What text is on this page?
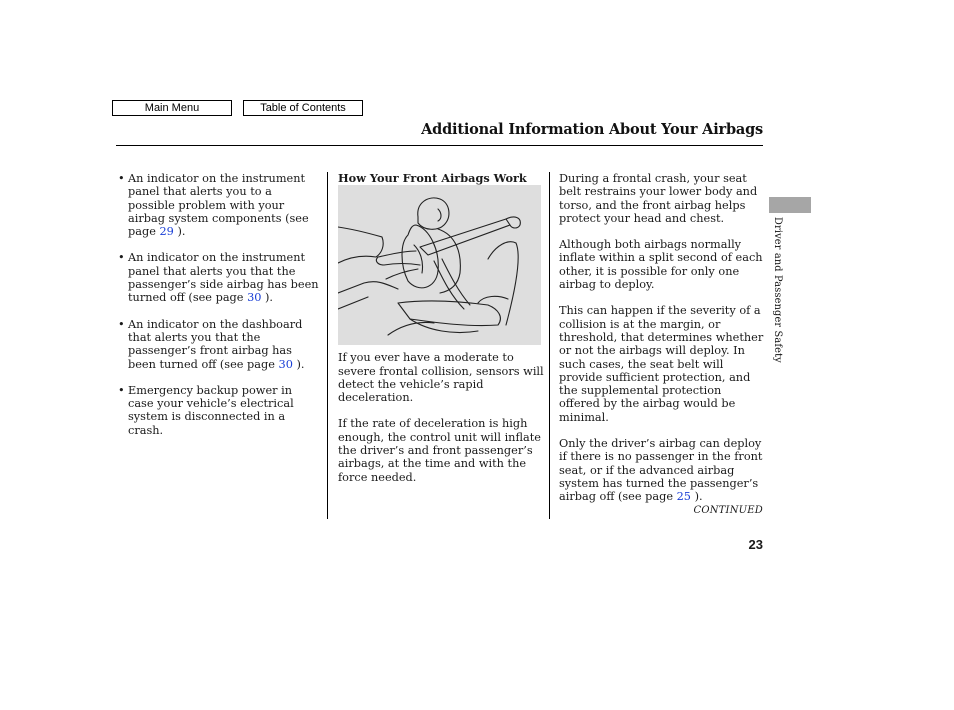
Main Menu	Table of Contents
Additional Information About Your Airbags
• An indicator on the instrument panel that alerts you to a possible problem with your airbag system components (see page 29 ).
• An indicator on the instrument panel that alerts you that the passenger’s side airbag has been turned off (see page 30 ).
• An indicator on the dashboard that alerts you that the passenger’s front airbag has been turned off (see page 30 ).
• Emergency backup power in case your vehicle’s electrical system is disconnected in a crash.

How Your Front Airbags Work

If you ever have a moderate to severe frontal collision, sensors will detect the vehicle’s rapid deceleration.

If the rate of deceleration is high enough, the control unit will inflate the driver’s and front passenger’s airbags, at the time and with the force needed.

During a frontal crash, your seat belt restrains your lower body and torso, and the front airbag helps protect your head and chest.

Although both airbags normally inflate within a split second of each other, it is possible for only one airbag to deploy.

This can happen if the severity of a collision is at the margin, or threshold, that determines whether or not the airbags will deploy. In such cases, the seat belt will provide sufficient protection, and the supplemental protection offered by the airbag would be minimal.

Only the driver’s airbag can deploy if there is no passenger in the front seat, or if the advanced airbag system has turned the passenger’s airbag off (see page 25 ).

CONTINUED
23
Driver and Passenger Safety
